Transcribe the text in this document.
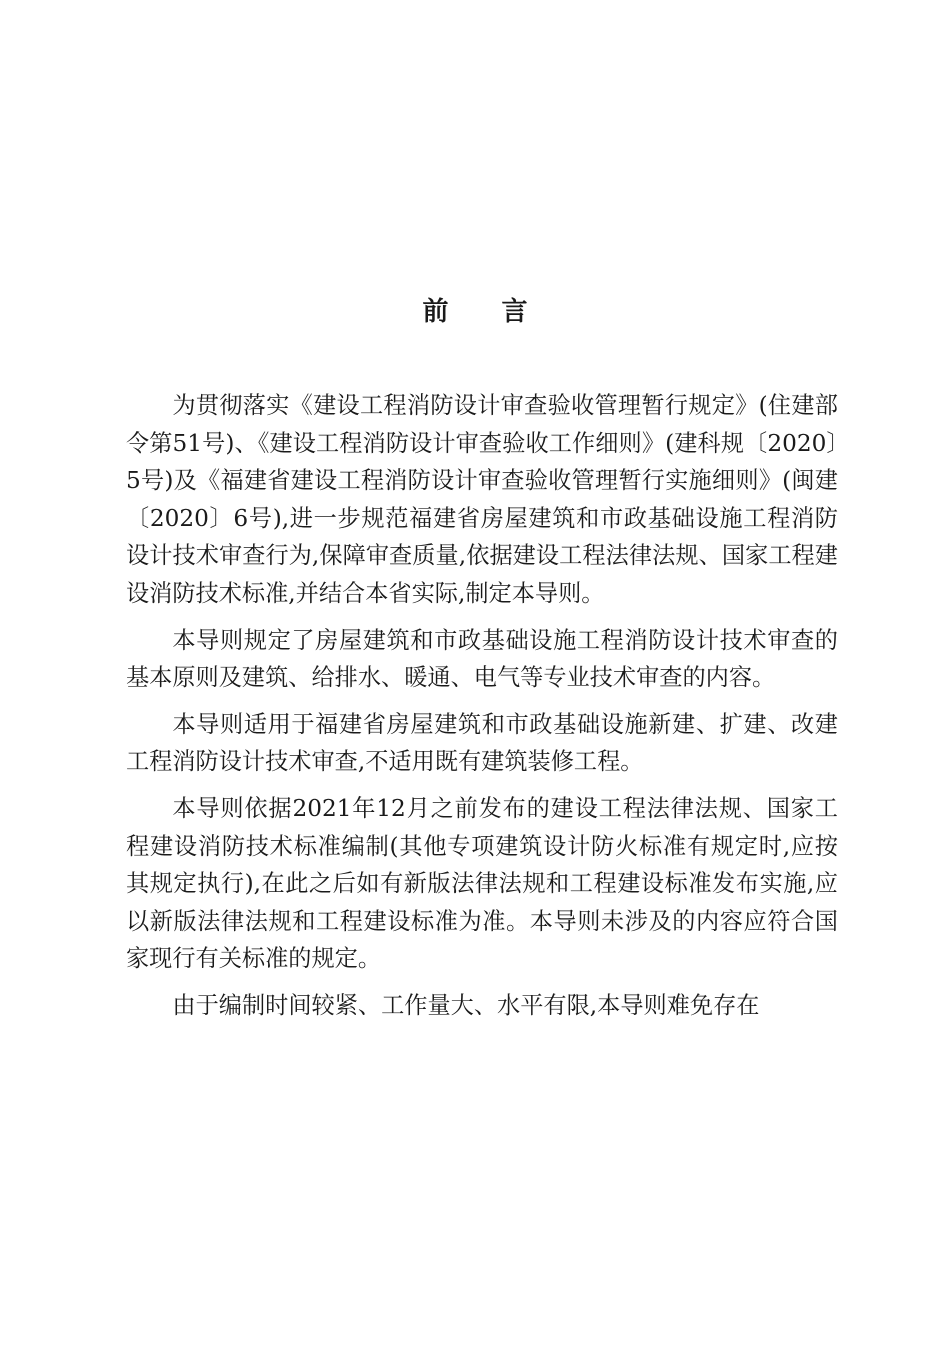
前 言

为贯彻落实《建设工程消防设计审查验收管理暂行规定》(住建部令第51号)、《建设工程消防设计审查验收工作细则》(建科规〔2020〕5号)及《福建省建设工程消防设计审查验收管理暂行实施细则》(闽建〔2020〕6号),进一步规范福建省房屋建筑和市政基础设施工程消防设计技术审查行为,保障审查质量,依据建设工程法律法规、国家工程建设消防技术标准,并结合本省实际,制定本导则。

本导则规定了房屋建筑和市政基础设施工程消防设计技术审查的基本原则及建筑、给排水、暖通、电气等专业技术审查的内容。

本导则适用于福建省房屋建筑和市政基础设施新建、扩建、改建工程消防设计技术审查,不适用既有建筑装修工程。

本导则依据2021年12月之前发布的建设工程法律法规、国家工程建设消防技术标准编制(其他专项建筑设计防火标准有规定时,应按其规定执行),在此之后如有新版法律法规和工程建设标准发布实施,应以新版法律法规和工程建设标准为准。本导则未涉及的内容应符合国家现行有关标准的规定。

由于编制时间较紧、工作量大、水平有限,本导则难免存在
